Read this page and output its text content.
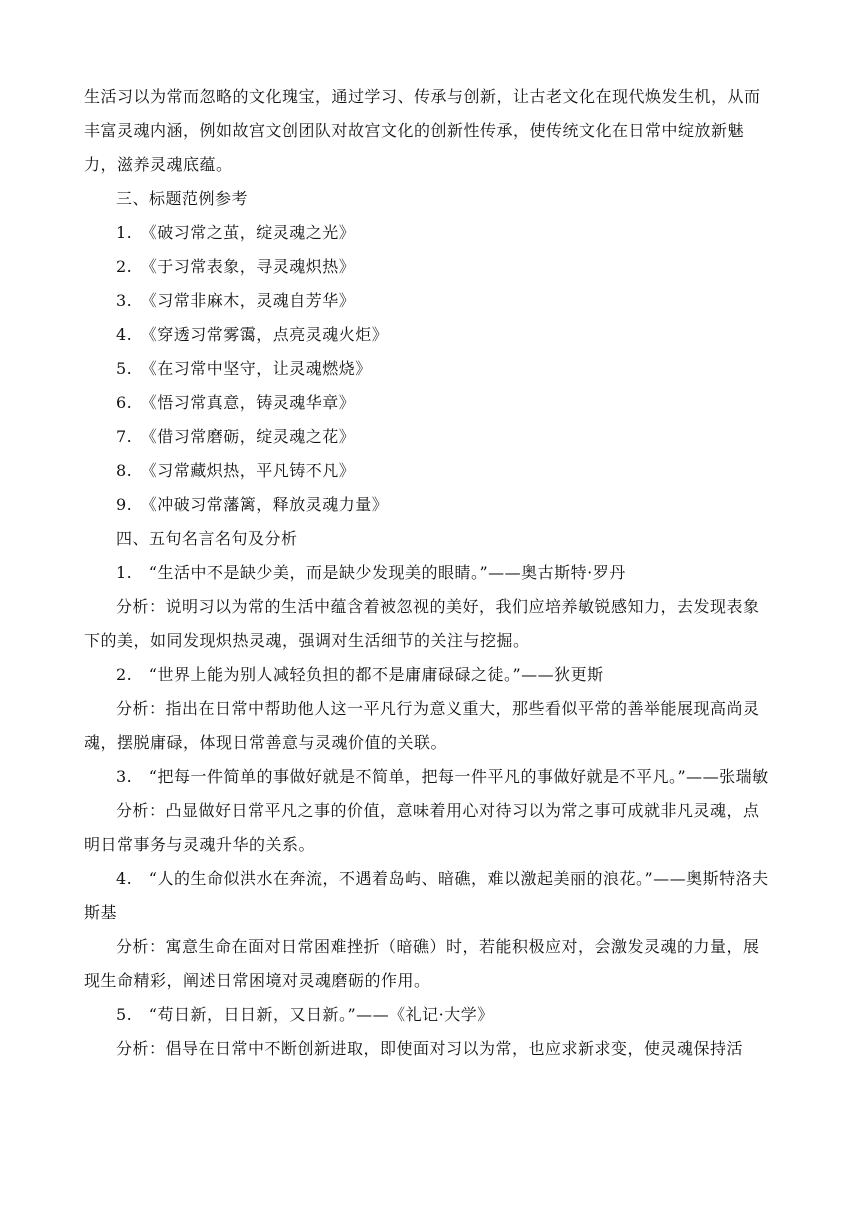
生活习以为常而忽略的文化瑰宝，通过学习、传承与创新，让古老文化在现代焕发生机，从而丰富灵魂内涵，例如故宫文创团队对故宫文化的创新性传承，使传统文化在日常中绽放新魅力，滋养灵魂底蕴。

三、标题范例参考

1.　《破习常之茧，绽灵魂之光》

2.　《于习常表象，寻灵魂炽热》

3.　《习常非麻木，灵魂自芳华》

4.　《穿透习常雾霭，点亮灵魂火炬》

5.　《在习常中坚守，让灵魂燃烧》

6.　《悟习常真意，铸灵魂华章》

7.　《借习常磨砺，绽灵魂之花》

8.　《习常藏炽热，平凡铸不凡》

9.　《冲破习常藩篱，释放灵魂力量》

四、五句名言名句及分析

1.　“生活中不是缺少美，而是缺少发现美的眼睛。”——奥古斯特·罗丹

分析：说明习以为常的生活中蕴含着被忽视的美好，我们应培养敏锐感知力，去发现表象下的美，如同发现炽热灵魂，强调对生活细节的关注与挖掘。

2.　“世界上能为别人减轻负担的都不是庸庸碌碌之徒。”——狄更斯

分析：指出在日常中帮助他人这一平凡行为意义重大，那些看似平常的善举能展现高尚灵魂，摆脱庸碌，体现日常善意与灵魂价值的关联。

3.　“把每一件简单的事做好就是不简单，把每一件平凡的事做好就是不平凡。”——张瑞敏

分析：凸显做好日常平凡之事的价值，意味着用心对待习以为常之事可成就非凡灵魂，点明日常事务与灵魂升华的关系。

4.　“人的生命似洪水在奔流，不遇着岛屿、暗礁，难以激起美丽的浪花。”——奥斯特洛夫斯基

分析：寓意生命在面对日常困难挫折（暗礁）时，若能积极应对，会激发灵魂的力量，展现生命精彩，阐述日常困境对灵魂磨砺的作用。

5.　“苟日新，日日新，又日新。”——《礼记·大学》

分析：倡导在日常中不断创新进取，即使面对习以为常，也应求新求变，使灵魂保持活
